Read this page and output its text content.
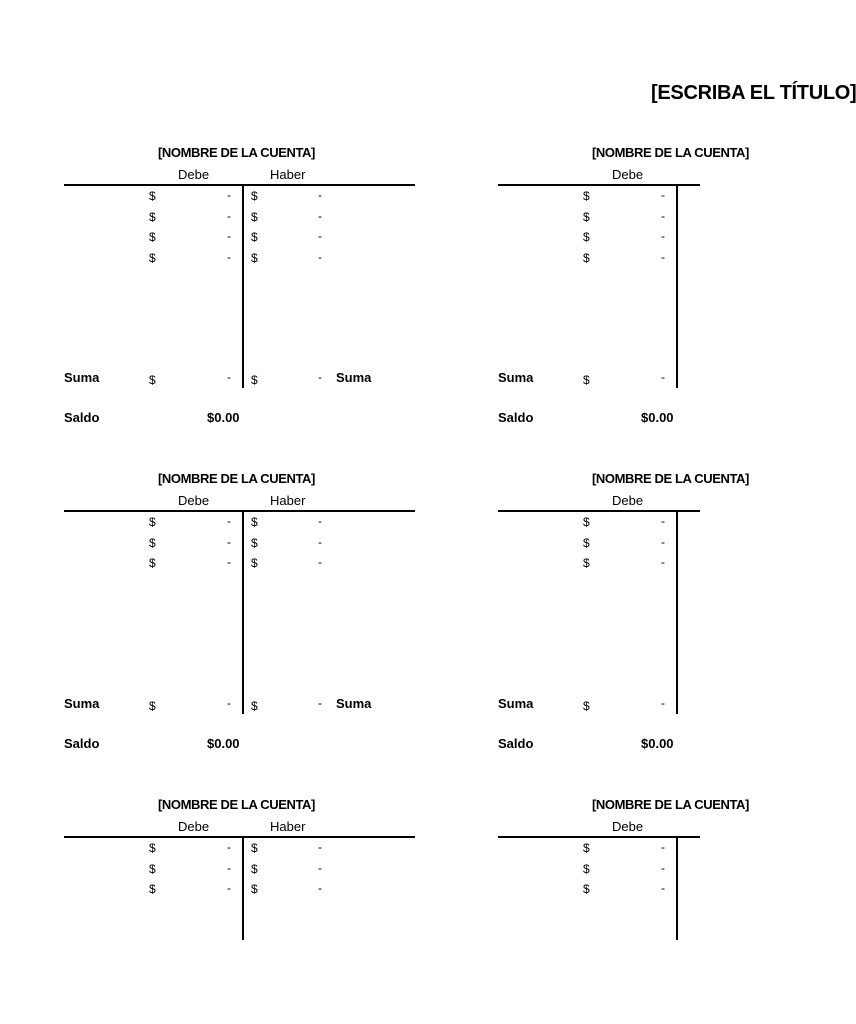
[ESCRIBA EL TÍTULO]
[NOMBRE DE LA CUENTA]
Debe	Haber
$	- $	-
$	- $	-
$	- $	-
$	- $	-
Suma	$	- $	- Suma
Saldo	$0.00
[NOMBRE DE LA CUENTA]
Debe
$	-
$	-
$	-
$	-
Suma	$	-
Saldo	$0.00
[NOMBRE DE LA CUENTA]
Debe	Haber
$	- $	-
$	- $	-
$	- $	-
Suma	$	- $	- Suma
Saldo	$0.00
[NOMBRE DE LA CUENTA]
Debe
$	-
$	-
$	-
Suma	$	-
Saldo	$0.00
[NOMBRE DE LA CUENTA]
Debe	Haber
$	- $	-
$	- $	-
$	- $	-
[NOMBRE DE LA CUENTA]
Debe
$	-
$	-
$	-
